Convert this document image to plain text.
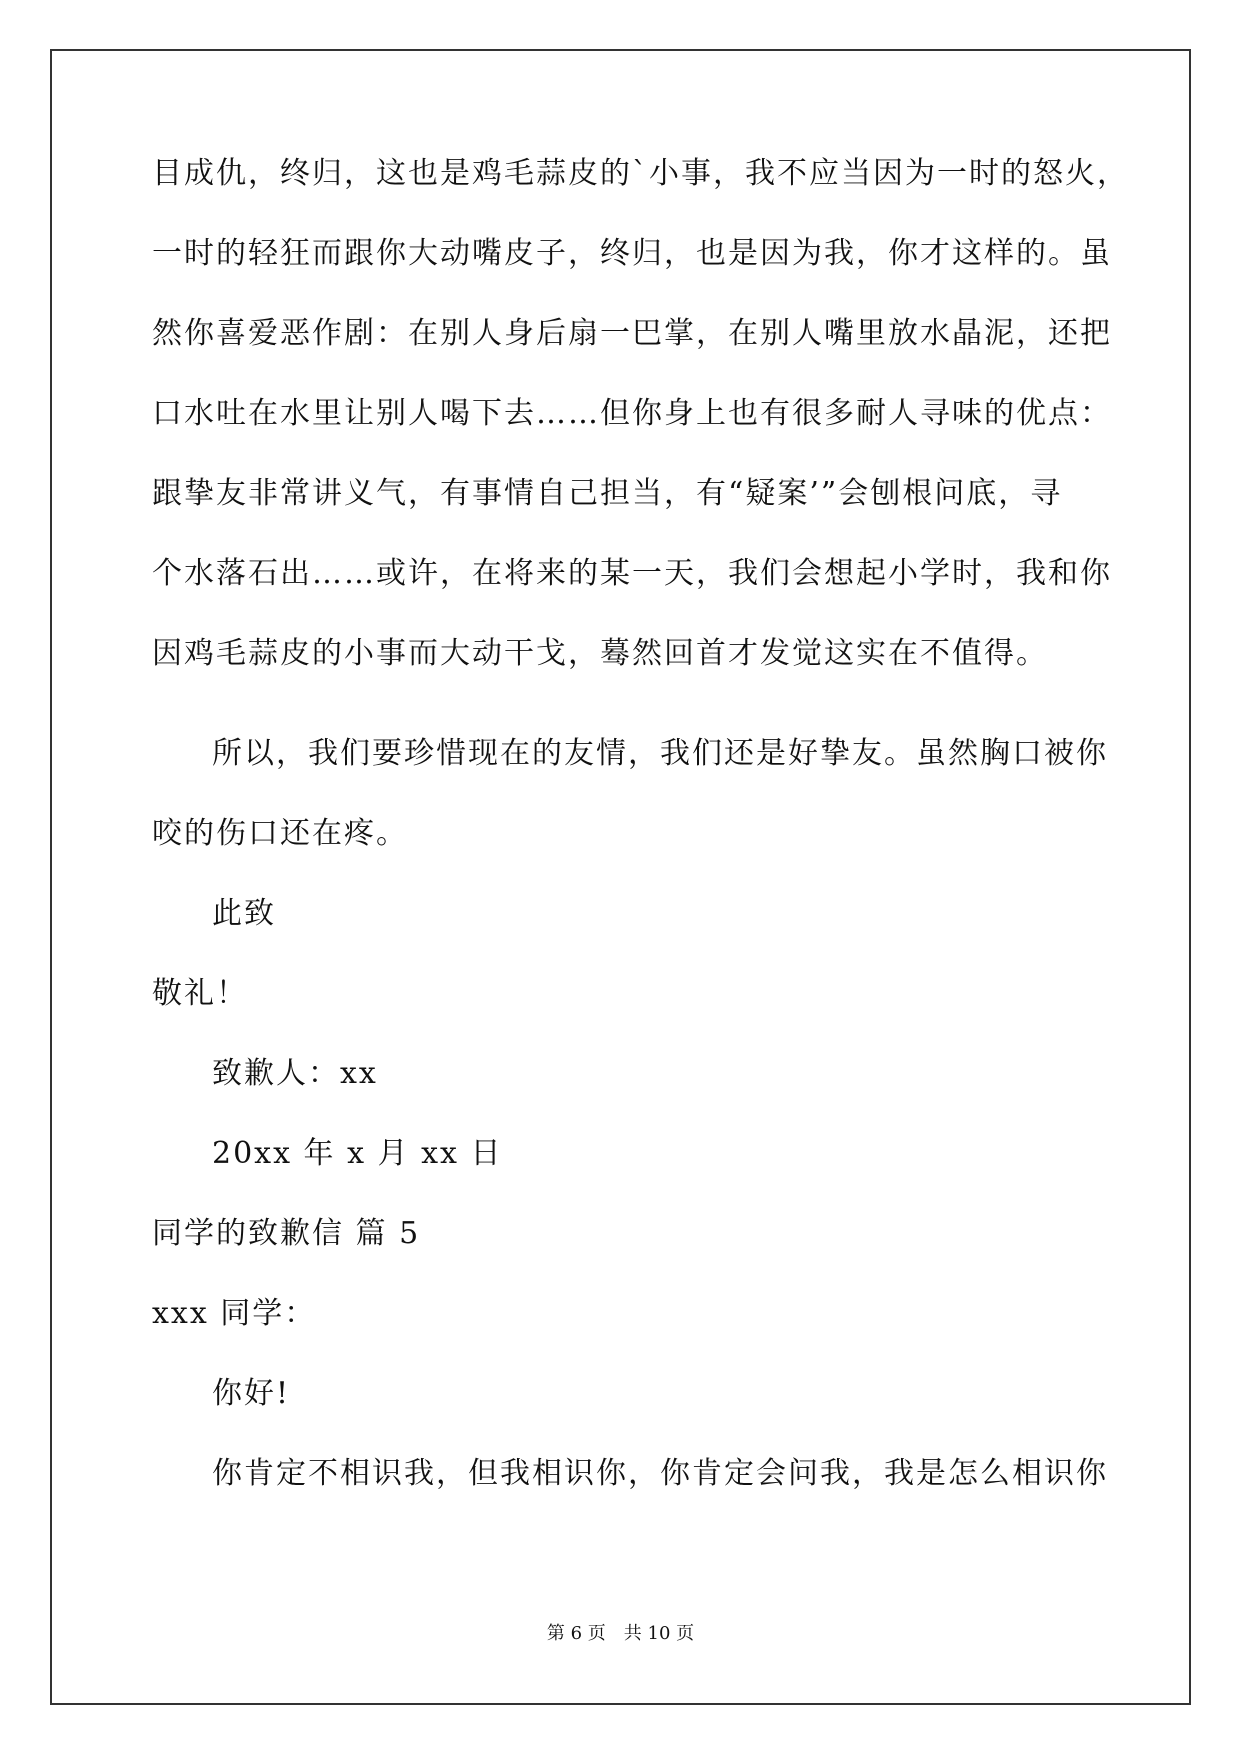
目成仇，终归，这也是鸡毛蒜皮的`小事，我不应当因为一时的怒火，
一时的轻狂而跟你大动嘴皮子，终归，也是因为我，你才这样的。虽
然你喜爱恶作剧：在别人身后扇一巴掌，在别人嘴里放水晶泥，还把
口水吐在水里让别人喝下去……但你身上也有很多耐人寻味的优点：
跟挚友非常讲义气，有事情自己担当，有“疑案’”会刨根问底，寻
个水落石出……或许，在将来的某一天，我们会想起小学时，我和你
因鸡毛蒜皮的小事而大动干戈，蓦然回首才发觉这实在不值得。
所以，我们要珍惜现在的友情，我们还是好挚友。虽然胸口被你
咬的伤口还在疼。
此致
敬礼！
致歉人：xx
20xx 年 x 月 xx 日
同学的致歉信 篇 5
xxx 同学：
你好!
你肯定不相识我，但我相识你，你肯定会问我，我是怎么相识你
第 6 页　共 10 页
